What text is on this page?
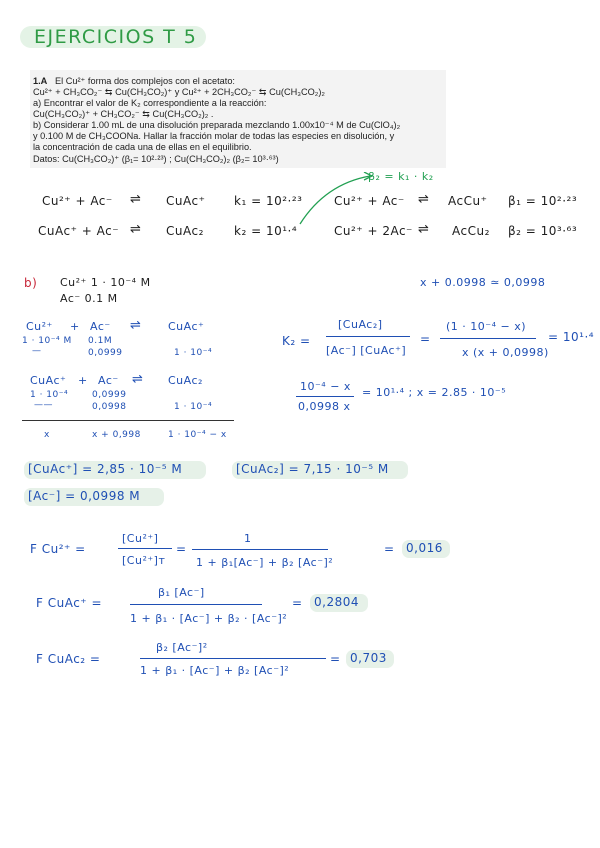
EJERCICIOS T 5
1.A El Cu²⁺ forma dos complejos con el acetato:
Cu²⁺ + CH₃CO₂⁻ ⇆ Cu(CH₃CO₂)⁺ y Cu²⁺ + 2CH₃CO₂⁻ ⇆ Cu(CH₃CO₂)₂
a) Encontrar el valor de K₂ correspondiente a la reacción:
Cu(CH₃CO₂)⁺ + CH₃CO₂⁻ ⇆ Cu(CH₃CO₂)₂ .
b) Considerar 1.00 mL de una disolución preparada mezclando 1.00x10⁻⁴ M de Cu(ClO₄)₂
y 0.100 M de CH₃COONa. Hallar la fracción molar de todas las especies en disolución, y
la concentración de cada una de ellas en el equilibrio.
Datos: Cu(CH₃CO₂)⁺ (β₁= 10²·²³) ; Cu(CH₃CO₂)₂ (β₂= 10³·⁶³)
β₂ = k₁ · k₂
Cu²⁺ + Ac⁻ ⇌ CuAc⁺ k₁ = 10²·²³
CuAc⁺ + Ac⁻ ⇌ CuAc₂	k₂ = 10¹·⁴
Cu²⁺ + Ac⁻ ⇌ AcCu⁺ β₁ = 10²·²³
Cu²⁺ + 2Ac⁻ ⇌ AcCu₂ β₂ = 10³·⁶³
b) Cu²⁺ 1 · 10⁻⁴ M
Ac⁻ 0.1 M
x + 0.0998 ≃ 0,0998
Cu²⁺ + Ac⁻ ⇌ CuAc⁺
1 · 10⁻⁴ M 0.1M
—	0,0999	1 · 10⁻⁴
CuAc⁺ + Ac⁻ ⇌ CuAc₂
1 · 10⁻⁴	0,0999
——	0,0998	1 · 10⁻⁴
x	x + 0,998	1 · 10⁻⁴ − x
K₂ =
[CuAc₂]
[Ac⁻] [CuAc⁺]
=
(1 · 10⁻⁴ − x)
x (x + 0,0998)
= 10¹·⁴
10⁻⁴ − x
0,0998 x
= 10¹·⁴ ; x = 2.85 · 10⁻⁵
[CuAc⁺] = 2,85 · 10⁻⁵ M	[CuAc₂] = 7,15 · 10⁻⁵ M
[Ac⁻] = 0,0998 M
F Cu²⁺ =
[Cu²⁺]
[Cu²⁺]ᴛ
=
1
1 + β₁[Ac⁻] + β₂ [Ac⁻]²
= 0,016
F CuAc⁺ =
β₁ [Ac⁻]
1 + β₁ · [Ac⁻] + β₂ · [Ac⁻]²
= 0,2804
F CuAc₂ =
β₂ [Ac⁻]²
1 + β₁ · [Ac⁻] + β₂ [Ac⁻]²
= 0,703
